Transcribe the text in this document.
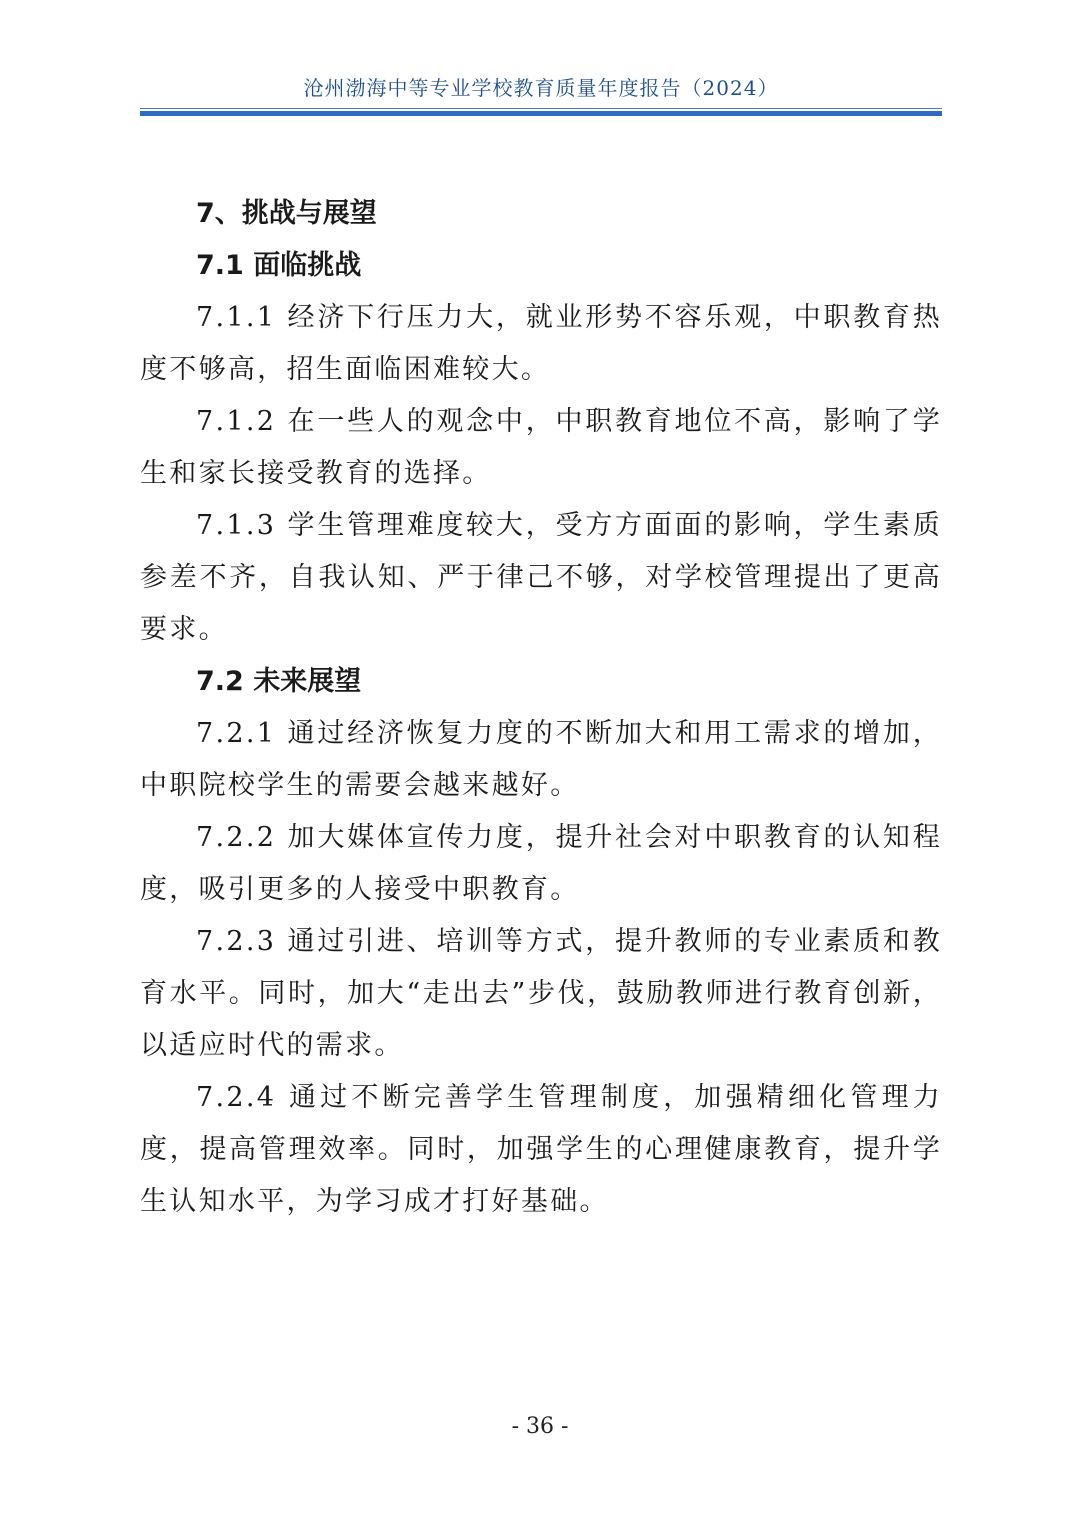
沧州渤海中等专业学校教育质量年度报告（2024）

7、挑战与展望

7.1 面临挑战

7.1.1 经济下行压力大，就业形势不容乐观，中职教育热度不够高，招生面临困难较大。

7.1.2 在一些人的观念中，中职教育地位不高，影响了学生和家长接受教育的选择。

7.1.3 学生管理难度较大，受方方面面的影响，学生素质参差不齐，自我认知、严于律己不够，对学校管理提出了更高要求。

7.2 未来展望

7.2.1 通过经济恢复力度的不断加大和用工需求的增加，中职院校学生的需要会越来越好。

7.2.2 加大媒体宣传力度，提升社会对中职教育的认知程度，吸引更多的人接受中职教育。

7.2.3 通过引进、培训等方式，提升教师的专业素质和教育水平。同时，加大“走出去”步伐，鼓励教师进行教育创新，以适应时代的需求。

7.2.4 通过不断完善学生管理制度，加强精细化管理力度，提高管理效率。同时，加强学生的心理健康教育，提升学生认知水平，为学习成才打好基础。

- 36 -
